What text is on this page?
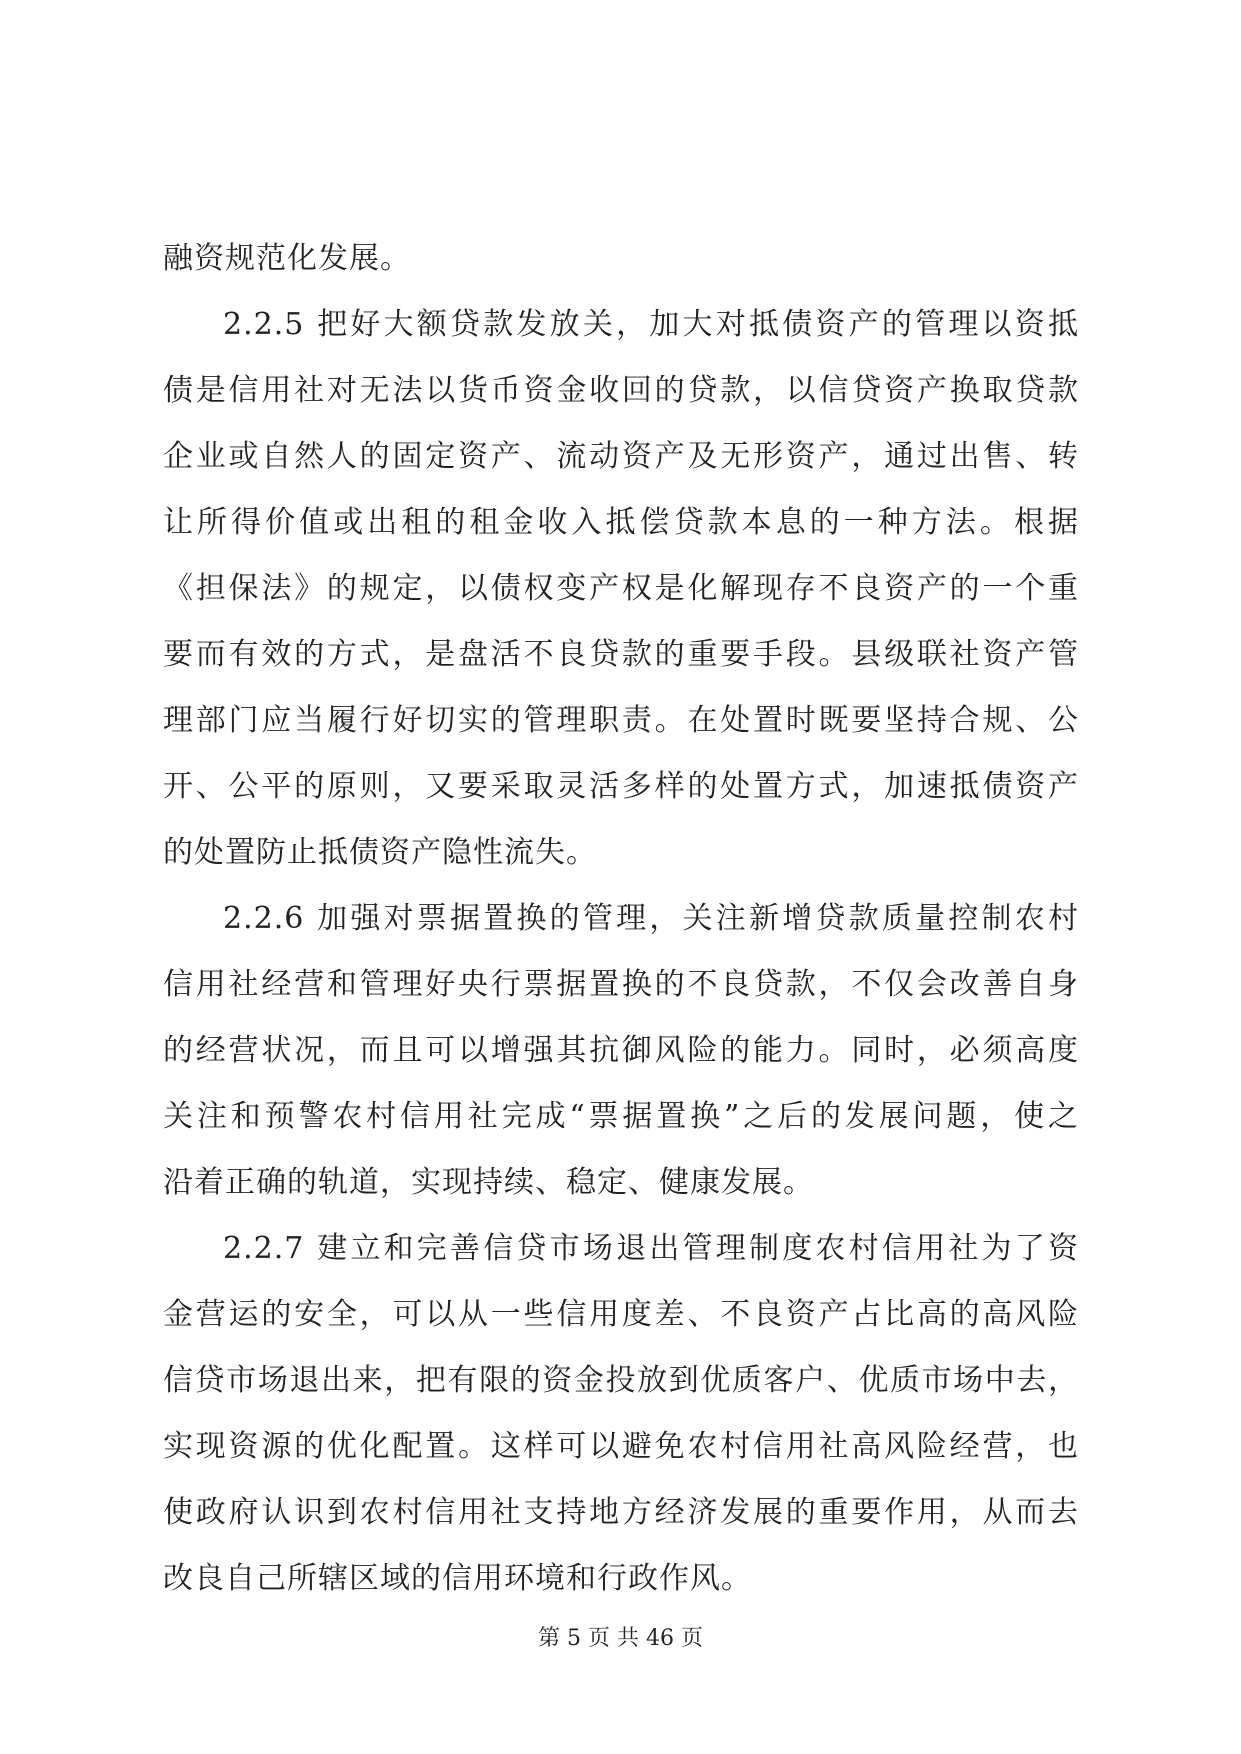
融资规范化发展。
2.2.5 把好大额贷款发放关，加大对抵债资产的管理以资抵
债是信用社对无法以货币资金收回的贷款，以信贷资产换取贷款
企业或自然人的固定资产、流动资产及无形资产，通过出售、转
让所得价值或出租的租金收入抵偿贷款本息的一种方法。根据
《担保法》的规定，以债权变产权是化解现存不良资产的一个重
要而有效的方式，是盘活不良贷款的重要手段。县级联社资产管
理部门应当履行好切实的管理职责。在处置时既要坚持合规、公
开、公平的原则，又要采取灵活多样的处置方式，加速抵债资产
的处置防止抵债资产隐性流失。
2.2.6 加强对票据置换的管理，关注新增贷款质量控制农村
信用社经营和管理好央行票据置换的不良贷款，不仅会改善自身
的经营状况，而且可以增强其抗御风险的能力。同时，必须高度
关注和预警农村信用社完成“票据置换”之后的发展问题，使之
沿着正确的轨道，实现持续、稳定、健康发展。
2.2.7 建立和完善信贷市场退出管理制度农村信用社为了资
金营运的安全，可以从一些信用度差、不良资产占比高的高风险
信贷市场退出来，把有限的资金投放到优质客户、优质市场中去，
实现资源的优化配置。这样可以避免农村信用社高风险经营，也
使政府认识到农村信用社支持地方经济发展的重要作用，从而去
改良自己所辖区域的信用环境和行政作风。
第 5 页 共 46 页
